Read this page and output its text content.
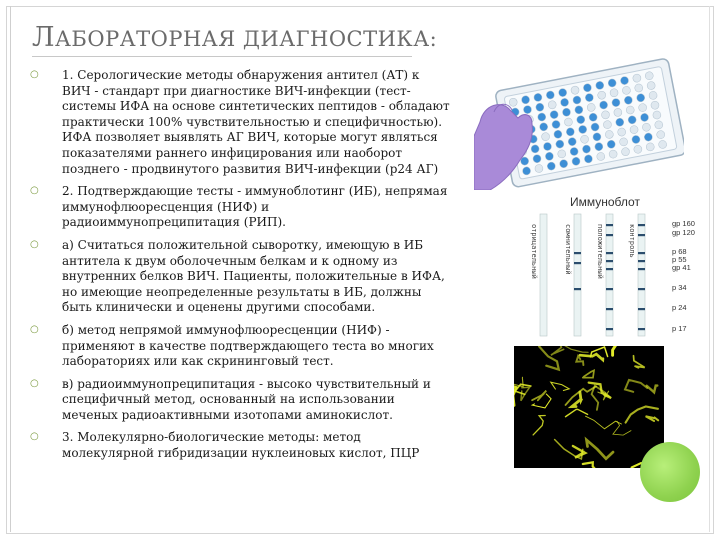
ЛАБОРАТОРНАЯ ДИАГНОСТИКА:
○ 1. Серологические методы обнаружения антител (АТ) к ВИЧ - стандарт при диагностике ВИЧ-инфекции (тест-системы ИФА на основе синтетических пептидов - обладают практически 100% чувствительностью и специфичностью). ИФА позволяет выявлять АГ ВИЧ, которые могут являться показателями раннего инфицирования или наоборот позднего - продвинутого развития ВИЧ-инфекции (р24 АГ)
○ 2. Подтверждающие тесты - иммуноблотинг (ИБ), непрямая иммунофлюоресценция (НИФ) и радиоиммунопреципитация (РИП).
○ а) Считаться положительной сыворотку, имеющую в ИБ антитела к двум оболочечным белкам и к одному из внутренних белков ВИЧ. Пациенты, положительные в ИФА, но имеющие неопределенные результаты в ИБ, должны быть клинически и оценены другими способами.
○ б) метод непрямой иммунофлюоресценции (НИФ) - применяют в качестве подтверждающего теста во многих лабораториях или как скрининговый тест.
○ в) радиоиммунопреципитация - высоко чувствительный и специфичный метод, основанный на использовании меченых радиоактивными изотопами аминокислот.
○ 3. Молекулярно-биологические методы: метод молекулярной гибридизации нуклеиновых кислот, ПЦР
Иммуноблот
отрицательный	сомнительный	положительный	контроль
gp 160
gp 120
p 68
p 55
gp 41
p 34
p 24
p 17
